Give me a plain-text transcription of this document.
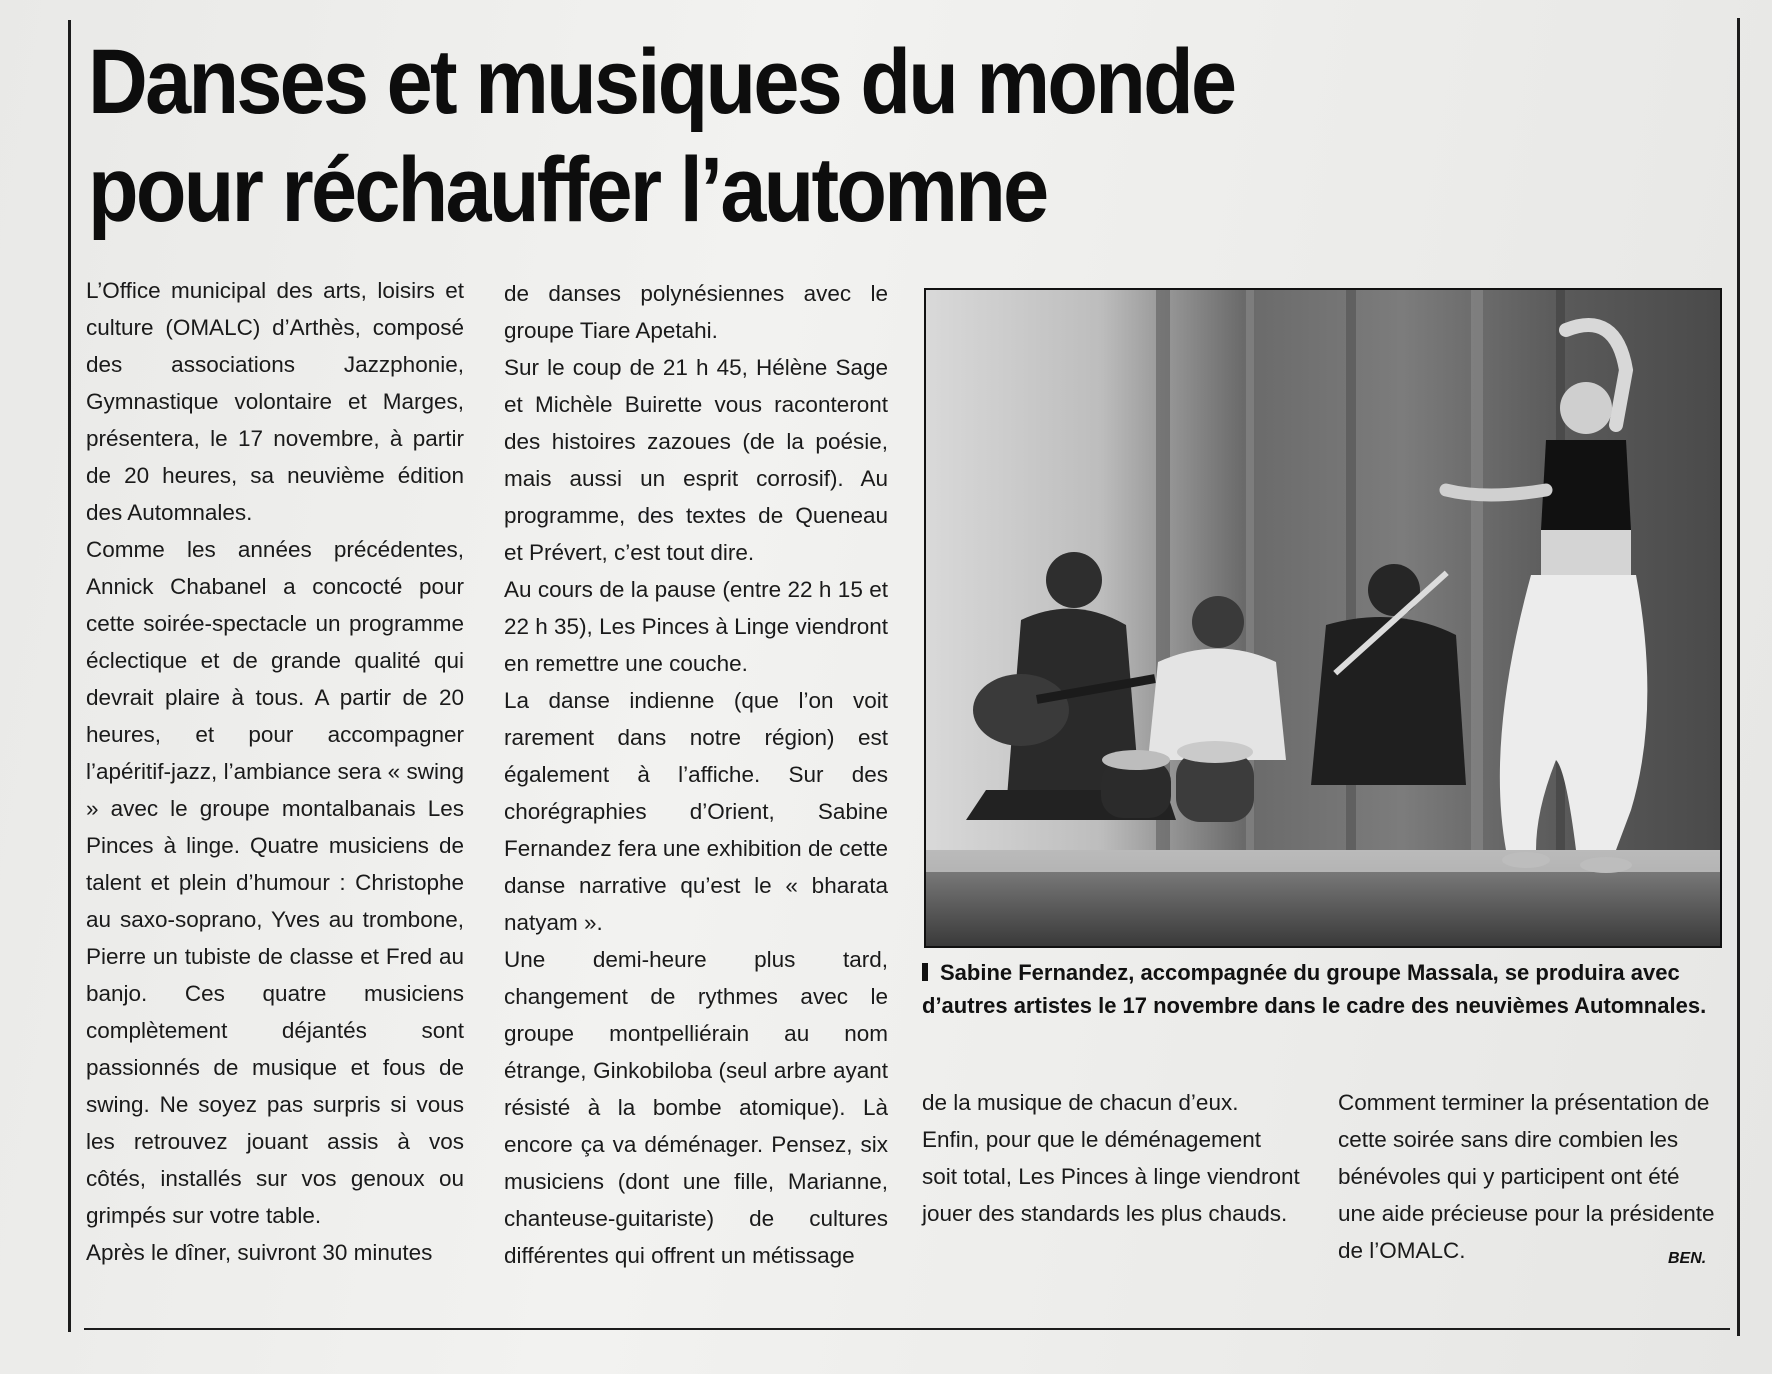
Danses et musiques du monde
pour réchauffer l’automne

L’Office municipal des arts, loisirs et culture (OMALC) d’Arthès, composé des associations Jazzphonie, Gymnastique volontaire et Marges, présentera, le 17 novembre, à partir de 20 heures, sa neuvième édition des Automnales.

Comme les années précédentes, Annick Chabanel a concocté pour cette soirée-spectacle un programme éclectique et de grande qualité qui devrait plaire à tous. A partir de 20 heures, et pour accompagner l’apéritif-jazz, l’ambiance sera « swing » avec le groupe montalbanais Les Pinces à linge. Quatre musiciens de talent et plein d’humour : Christophe au saxo-soprano, Yves au trombone, Pierre un tubiste de classe et Fred au banjo. Ces quatre musiciens complètement déjantés sont passionnés de musique et fous de swing. Ne soyez pas surpris si vous les retrouvez jouant assis à vos côtés, installés sur vos genoux ou grimpés sur votre table.

Après le dîner, suivront 30 minutes

de danses polynésiennes avec le groupe Tiare Apetahi.

Sur le coup de 21 h 45, Hélène Sage et Michèle Buirette vous raconteront des histoires zazoues (de la poésie, mais aussi un esprit corrosif). Au programme, des textes de Queneau et Prévert, c’est tout dire.

Au cours de la pause (entre 22 h 15 et 22 h 35), Les Pinces à Linge viendront en remettre une couche.

La danse indienne (que l’on voit rarement dans notre région) est également à l’affiche. Sur des chorégraphies d’Orient, Sabine Fernandez fera une exhibition de cette danse narrative qu’est le « bharata natyam ».

Une demi-heure plus tard, changement de rythmes avec le groupe montpelliérain au nom étrange, Ginkobiloba (seul arbre ayant résisté à la bombe atomique). Là encore ça va déménager. Pensez, six musiciens (dont une fille, Marianne, chanteuse-guitariste) de cultures différentes qui offrent un métissage

Sabine Fernandez, accompagnée du groupe Massala, se produira avec d’autres artistes le 17 novembre dans le cadre des neuvièmes Automnales.

de la musique de chacun d’eux.

Enfin, pour que le déménagement soit total, Les Pinces à linge viendront jouer des standards les plus chauds.

Comment terminer la présentation de cette soirée sans dire combien les bénévoles qui y participent ont été une aide précieuse pour la présidente de l’OMALC.	BEN.
